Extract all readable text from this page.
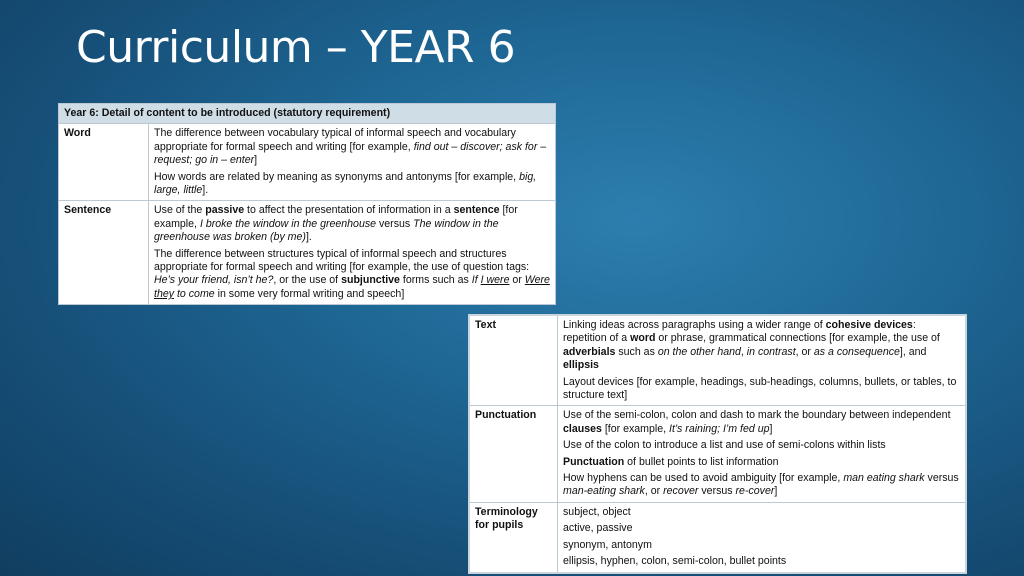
Curriculum – YEAR 6
Year 6: Detail of content to be introduced (statutory requirement)	
Word	The difference between vocabulary typical of informal speech and vocabulary appropriate for formal speech and writing [for example, find out – discover; ask for – request; go in – enter]
How words are related by meaning as synonyms and antonyms [for example, big, large, little].

Sentence	Use of the passive to affect the presentation of information in a sentence [for example, I broke the window in the greenhouse versus The window in the greenhouse was broken (by me)].
The difference between structures typical of informal speech and structures appropriate for formal speech and writing [for example, the use of question tags: He’s your friend, isn’t he?, or the use of subjunctive forms such as If I were or Were they to come in some very formal writing and speech]
Text	Linking ideas across paragraphs using a wider range of cohesive devices: repetition of a word or phrase, grammatical connections [for example, the use of adverbials such as on the other hand, in contrast, or as a consequence], and ellipsis
Layout devices [for example, headings, sub-headings, columns, bullets, or tables, to structure text]

Punctuation	Use of the semi-colon, colon and dash to mark the boundary between independent clauses [for example, It’s raining; I’m fed up]
Use of the colon to introduce a list and use of semi-colons within lists
Punctuation of bullet points to list information
How hyphens can be used to avoid ambiguity [for example, man eating shark versus man-eating shark, or recover versus re-cover]

Terminology for pupils	subject, object
active, passive
synonym, antonym
ellipsis, hyphen, colon, semi-colon, bullet points
